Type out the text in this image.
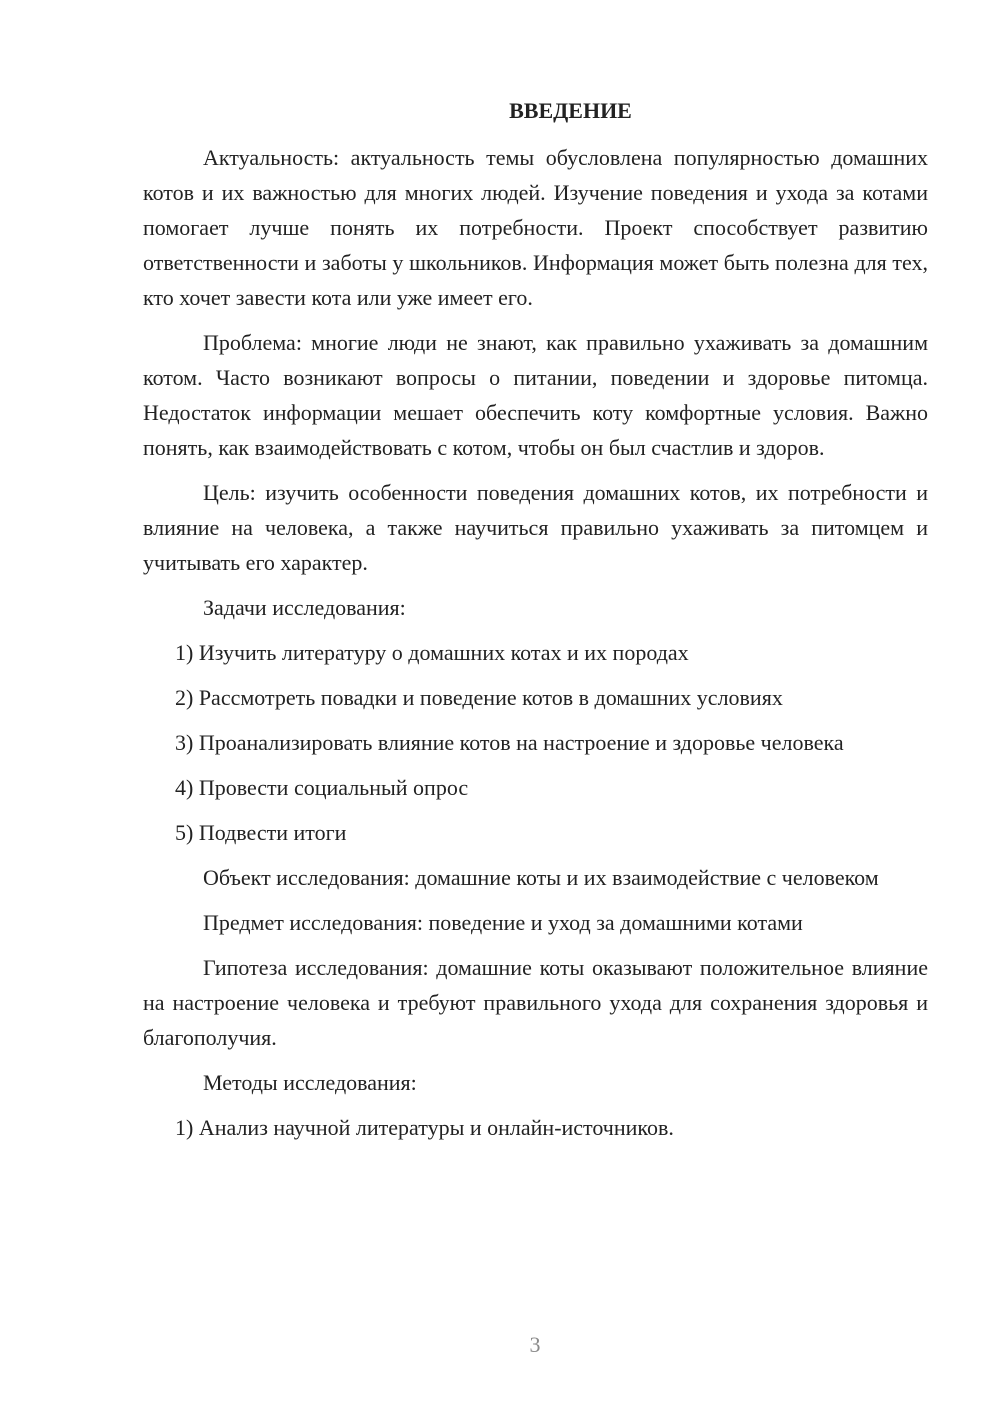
ВВЕДЕНИЕ

Актуальность: актуальность темы обусловлена популярностью домашних котов и их важностью для многих людей. Изучение поведения и ухода за котами помогает лучше понять их потребности. Проект способствует развитию ответственности и заботы у школьников. Информация может быть полезна для тех, кто хочет завести кота или уже имеет его.

Проблема: многие люди не знают, как правильно ухаживать за домашним котом. Часто возникают вопросы о питании, поведении и здоровье питомца. Недостаток информации мешает обеспечить коту комфортные условия. Важно понять, как взаимодействовать с котом, чтобы он был счастлив и здоров.

Цель: изучить особенности поведения домашних котов, их потребности и влияние на человека, а также научиться правильно ухаживать за питомцем и учитывать его характер.

Задачи исследования:

1) Изучить литературу о домашних котах и их породах

2) Рассмотреть повадки и поведение котов в домашних условиях

3) Проанализировать влияние котов на настроение и здоровье человека

4) Провести социальный опрос

5) Подвести итоги

Объект исследования: домашние коты и их взаимодействие с человеком

Предмет исследования: поведение и уход за домашними котами

Гипотеза исследования: домашние коты оказывают положительное влияние на настроение человека и требуют правильного ухода для сохранения здоровья и благополучия.

Методы исследования:

1) Анализ научной литературы и онлайн-источников.

3
